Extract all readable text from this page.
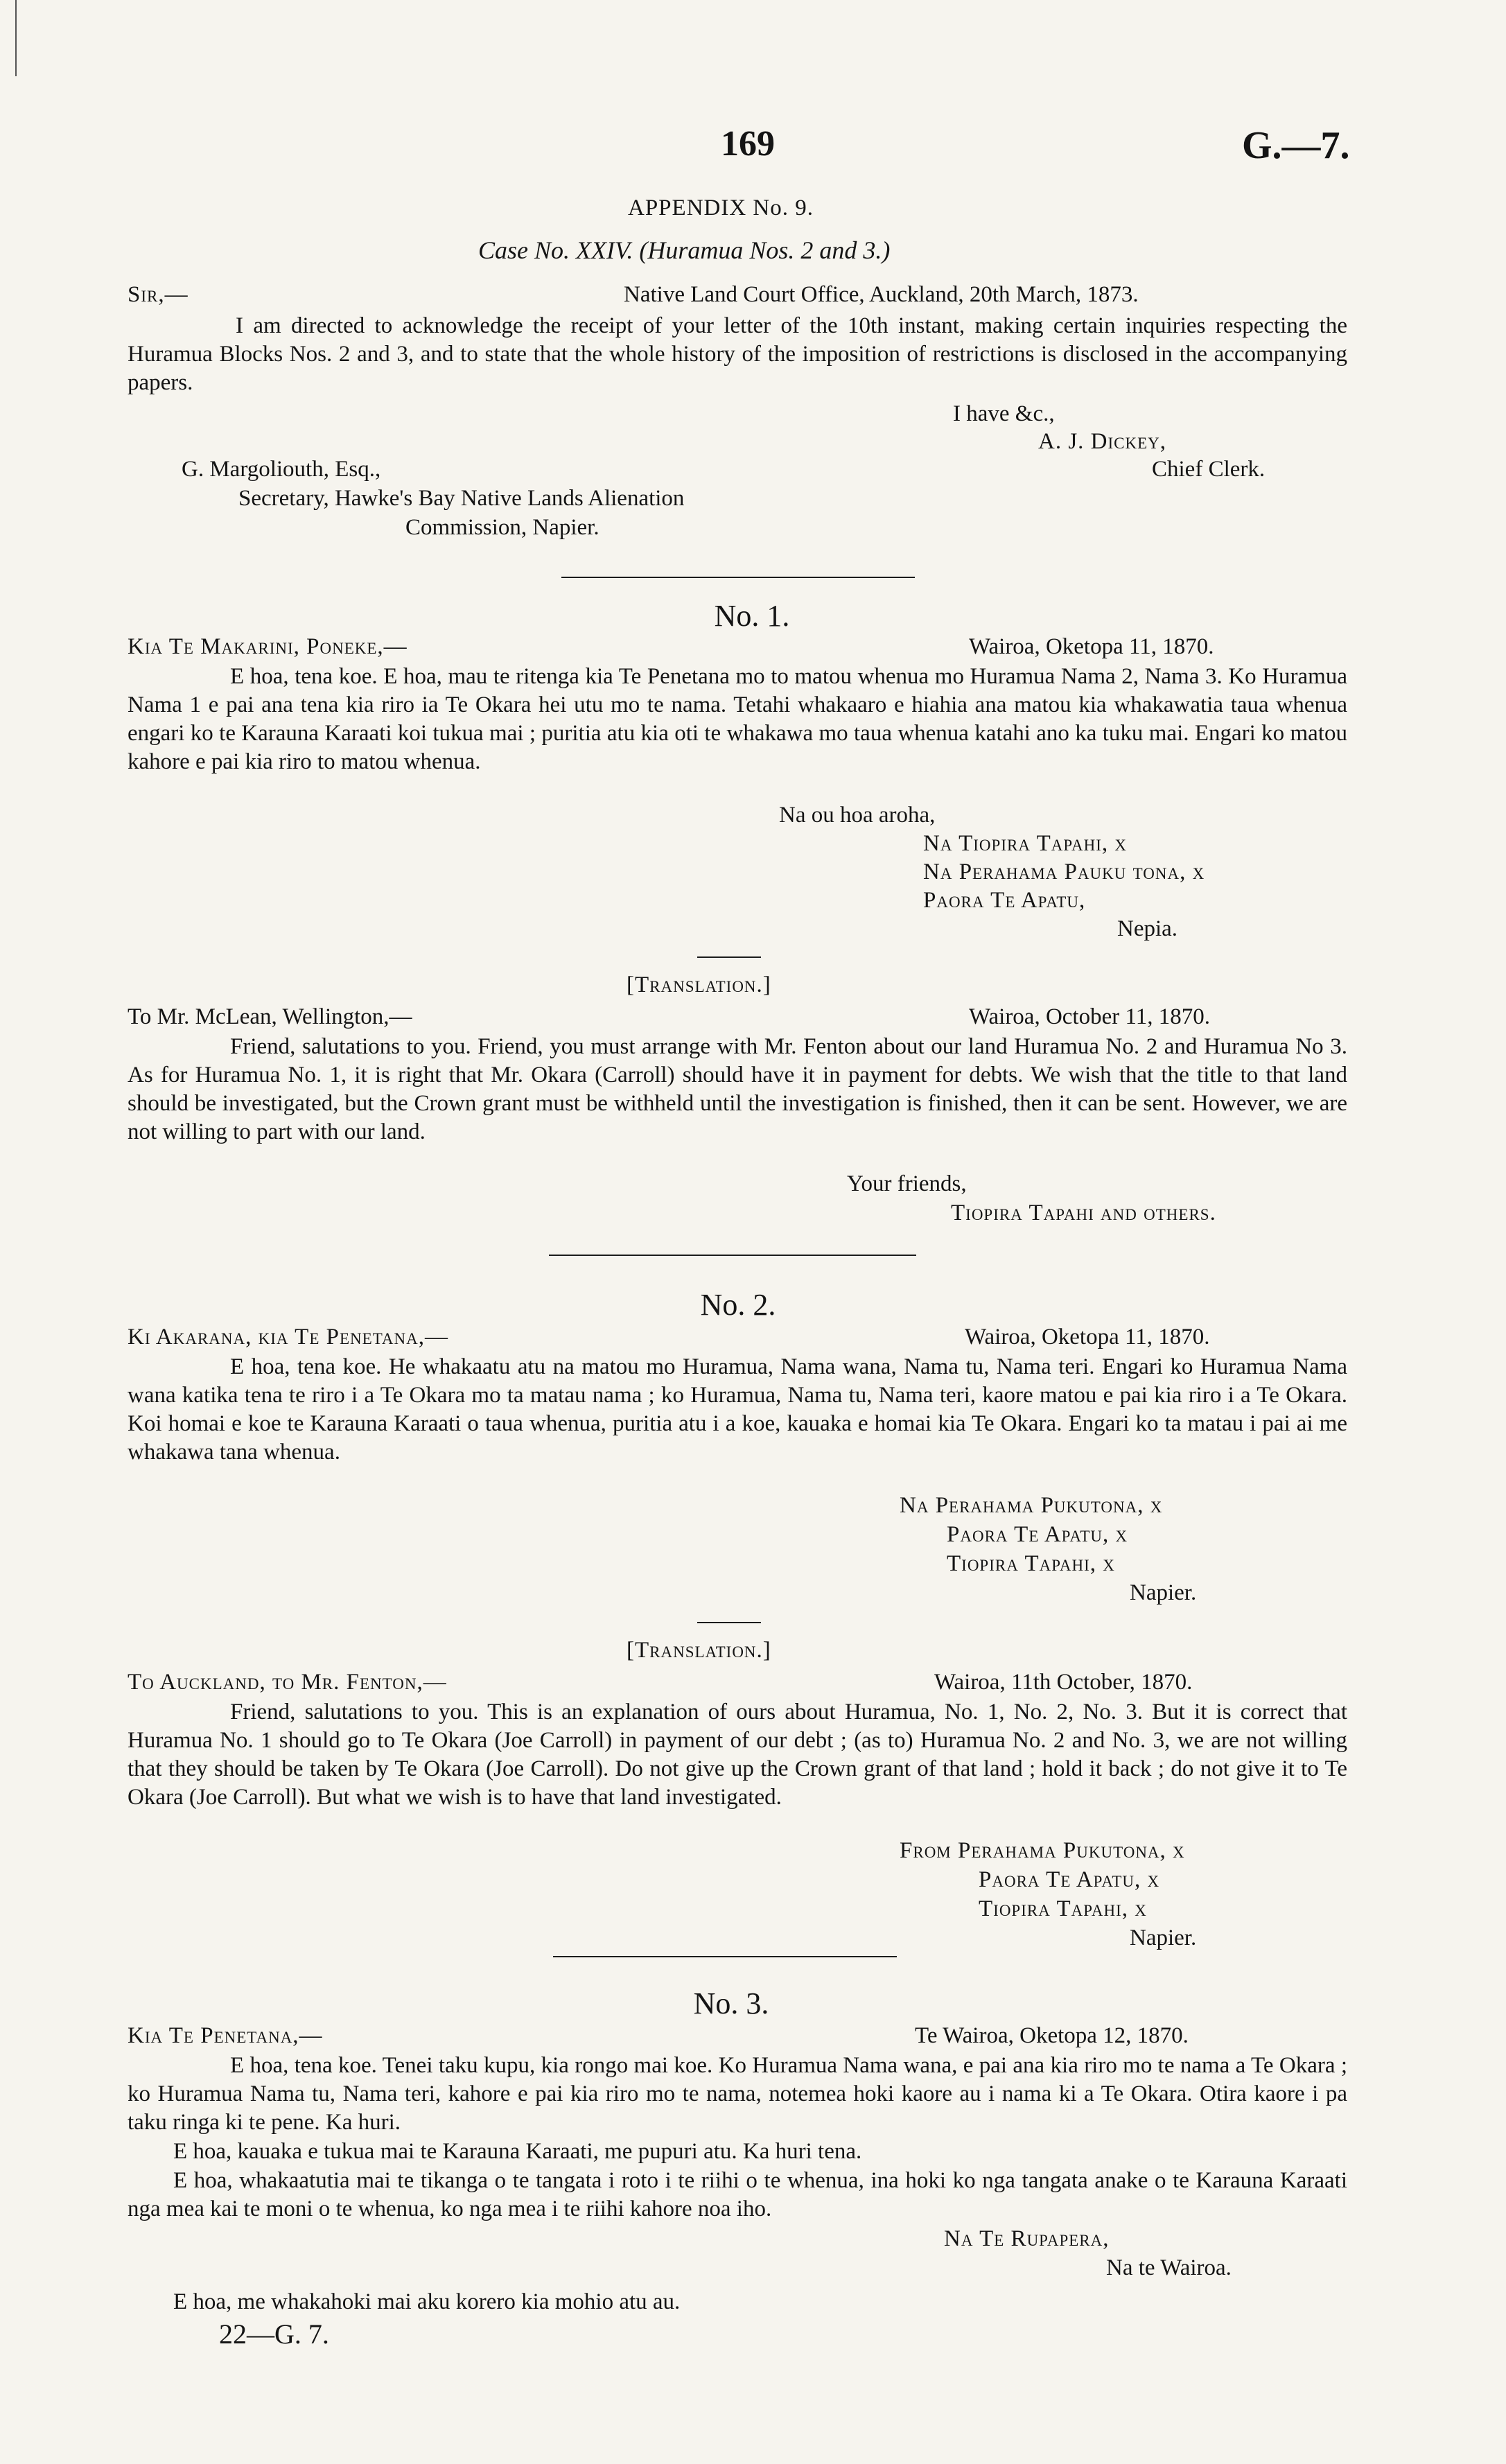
169	G.—7.
APPENDIX No. 9.
Case No. XXIV. (Huramua Nos. 2 and 3.)
Sir,—	Native Land Court Office, Auckland, 20th March, 1873.
I am directed to acknowledge the receipt of your letter of the 10th instant, making certain inquiries respecting the Huramua Blocks Nos. 2 and 3, and to state that the whole history of the imposition of restrictions is disclosed in the accompanying papers.
I have &c.,
A. J. Dickey,
G. Margoliouth, Esq.,	Chief Clerk.
Secretary, Hawke's Bay Native Lands Alienation
Commission, Napier.
No. 1.
Kia Te Makarini, Poneke,—	Wairoa, Oketopa 11, 1870.
E hoa, tena koe. E hoa, mau te ritenga kia Te Penetana mo to matou whenua mo Huramua Nama 2, Nama 3. Ko Huramua Nama 1 e pai ana tena kia riro ia Te Okara hei utu mo te nama. Tetahi whakaaro e hiahia ana matou kia whakawatia taua whenua engari ko te Karauna Karaati koi tukua mai ; puritia atu kia oti te whakawa mo taua whenua katahi ano ka tuku mai. Engari ko matou kahore e pai kia riro to matou whenua.
Na ou hoa aroha,
Na Tiopira Tapahi, x
Na Perahama Pauku tona, x
Paora Te Apatu,
Nepia.
[Translation.]
To Mr. McLean, Wellington,—	Wairoa, October 11, 1870.
Friend, salutations to you. Friend, you must arrange with Mr. Fenton about our land Huramua No. 2 and Huramua No 3. As for Huramua No. 1, it is right that Mr. Okara (Carroll) should have it in payment for debts. We wish that the title to that land should be investigated, but the Crown grant must be withheld until the investigation is finished, then it can be sent. However, we are not willing to part with our land.
Your friends,
Tiopira Tapahi and others.
No. 2.
Ki Akarana, kia Te Penetana,—	Wairoa, Oketopa 11, 1870.
E hoa, tena koe. He whakaatu atu na matou mo Huramua, Nama wana, Nama tu, Nama teri. Engari ko Huramua Nama wana katika tena te riro i a Te Okara mo ta matau nama ; ko Huramua, Nama tu, Nama teri, kaore matou e pai kia riro i a Te Okara. Koi homai e koe te Karauna Karaati o taua whenua, puritia atu i a koe, kauaka e homai kia Te Okara. Engari ko ta matau i pai ai me whakawa tana whenua.
Na Perahama Pukutona, x
Paora Te Apatu, x
Tiopira Tapahi, x
Napier.
[Translation.]
To Auckland, to Mr. Fenton,—	Wairoa, 11th October, 1870.
Friend, salutations to you. This is an explanation of ours about Huramua, No. 1, No. 2, No. 3. But it is correct that Huramua No. 1 should go to Te Okara (Joe Carroll) in payment of our debt ; (as to) Huramua No. 2 and No. 3, we are not willing that they should be taken by Te Okara (Joe Carroll). Do not give up the Crown grant of that land ; hold it back ; do not give it to Te Okara (Joe Carroll). But what we wish is to have that land investigated.
From Perahama Pukutona, x
Paora Te Apatu, x
Tiopira Tapahi, x
Napier.
No. 3.
Kia Te Penetana,—	Te Wairoa, Oketopa 12, 1870.
E hoa, tena koe. Tenei taku kupu, kia rongo mai koe. Ko Huramua Nama wana, e pai ana kia riro mo te nama a Te Okara ; ko Huramua Nama tu, Nama teri, kahore e pai kia riro mo te nama, notemea hoki kaore au i nama ki a Te Okara. Otira kaore i pa taku ringa ki te pene. Ka huri.
E hoa, kauaka e tukua mai te Karauna Karaati, me pupuri atu. Ka huri tena.
E hoa, whakaatutia mai te tikanga o te tangata i roto i te riihi o te whenua, ina hoki ko nga tangata anake o te Karauna Karaati nga mea kai te moni o te whenua, ko nga mea i te riihi kahore noa iho.
Na Te Rupapera,
Na te Wairoa.
E hoa, me whakahoki mai aku korero kia mohio atu au.
22—G. 7.
